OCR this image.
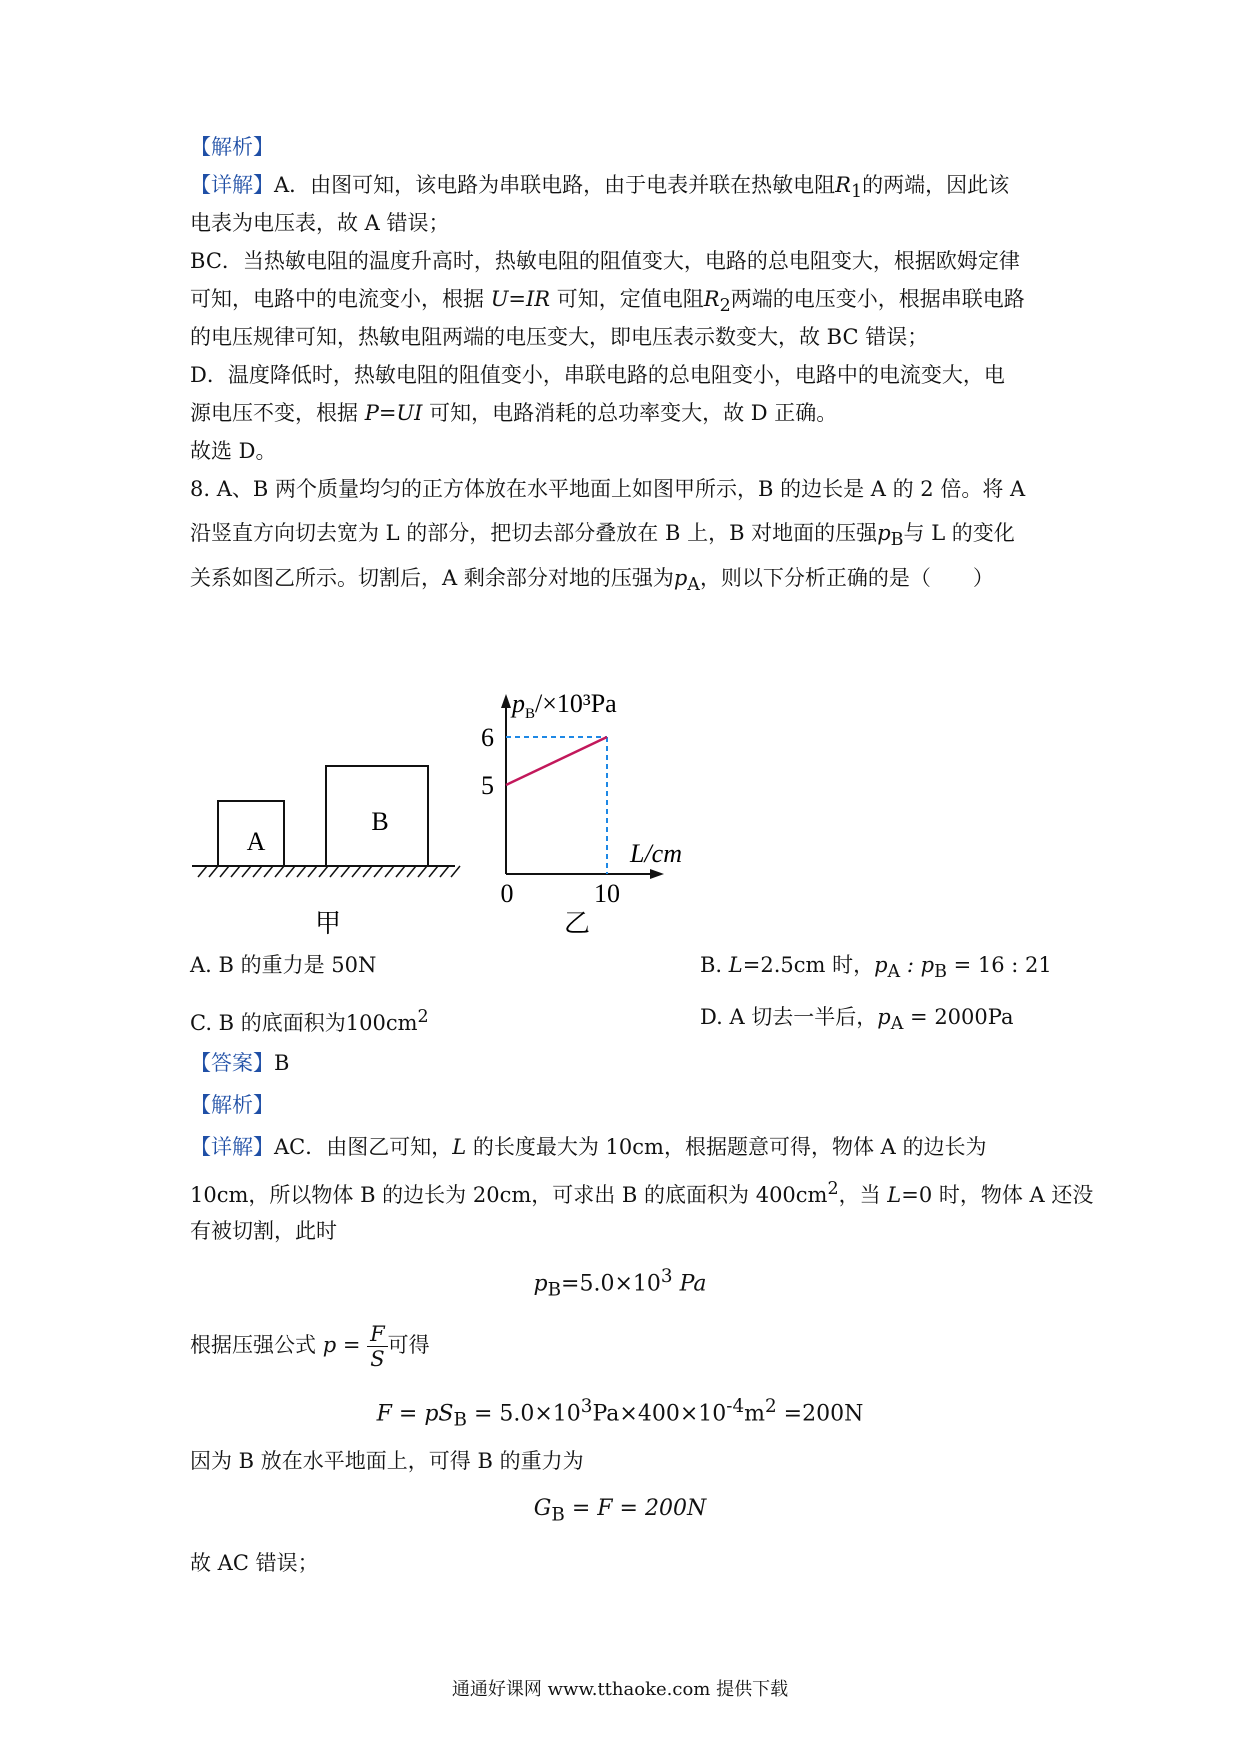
【解析】
【详解】A．由图可知，该电路为串联电路，由于电表并联在热敏电阻$R_1$的两端，因此该
电表为电压表，故 A 错误；
BC．当热敏电阻的温度升高时，热敏电阻的阻值变大，电路的总电阻变大，根据欧姆定律
可知，电路中的电流变小，根据 U=IR 可知，定值电阻$R_2$两端的电压变小，根据串联电路
的电压规律可知，热敏电阻两端的电压变大，即电压表示数变大，故 BC 错误；
D．温度降低时，热敏电阻的阻值变小，串联电路的总电阻变小，电路中的电流变大，电
源电压不变，根据 P=UI 可知，电路消耗的总功率变大，故 D 正确。
故选 D。
8. A、B 两个质量均匀的正方体放在水平地面上如图甲所示，B 的边长是 A 的 2 倍。将 A
沿竖直方向切去宽为 L 的部分，把切去部分叠放在 B 上，B 对地面的压强$p_B$与 L 的变化
关系如图乙所示。切割后，A 剩余部分对地的压强为$p_A$，则以下分析正确的是（　　）
A
B
甲
$p_B/\times 10^3Pa$
6
5
L/cm
0	10
乙
A. B 的重力是 50N	B. L=2.5cm 时，$p_A$ : $p_B = 16$ : 21
C. B 的底面积为$100cm^2$	D. A 切去一半后，$p_A = 2000Pa$
【答案】B
【解析】
【详解】AC．由图乙可知，L 的长度最大为 10cm，根据题意可得，物体 A 的边长为
10cm，所以物体 B 的边长为 20cm，可求出 B 的底面积为 $400cm^2$，当 L=0 时，物体 A 还没
有被切割，此时
$p_B=5.0\times 10^3$ Pa
根据压强公式 $p = \frac{F}{S}$ 可得
$F = pS_B = 5.0\times 10^3Pa\times 400\times 10^{-4}m^2 =200N$
因为 B 放在水平地面上，可得 B 的重力为
$G_B = F = 200N$
故 AC 错误；
通通好课网 www.tthaoke.com 提供下载
